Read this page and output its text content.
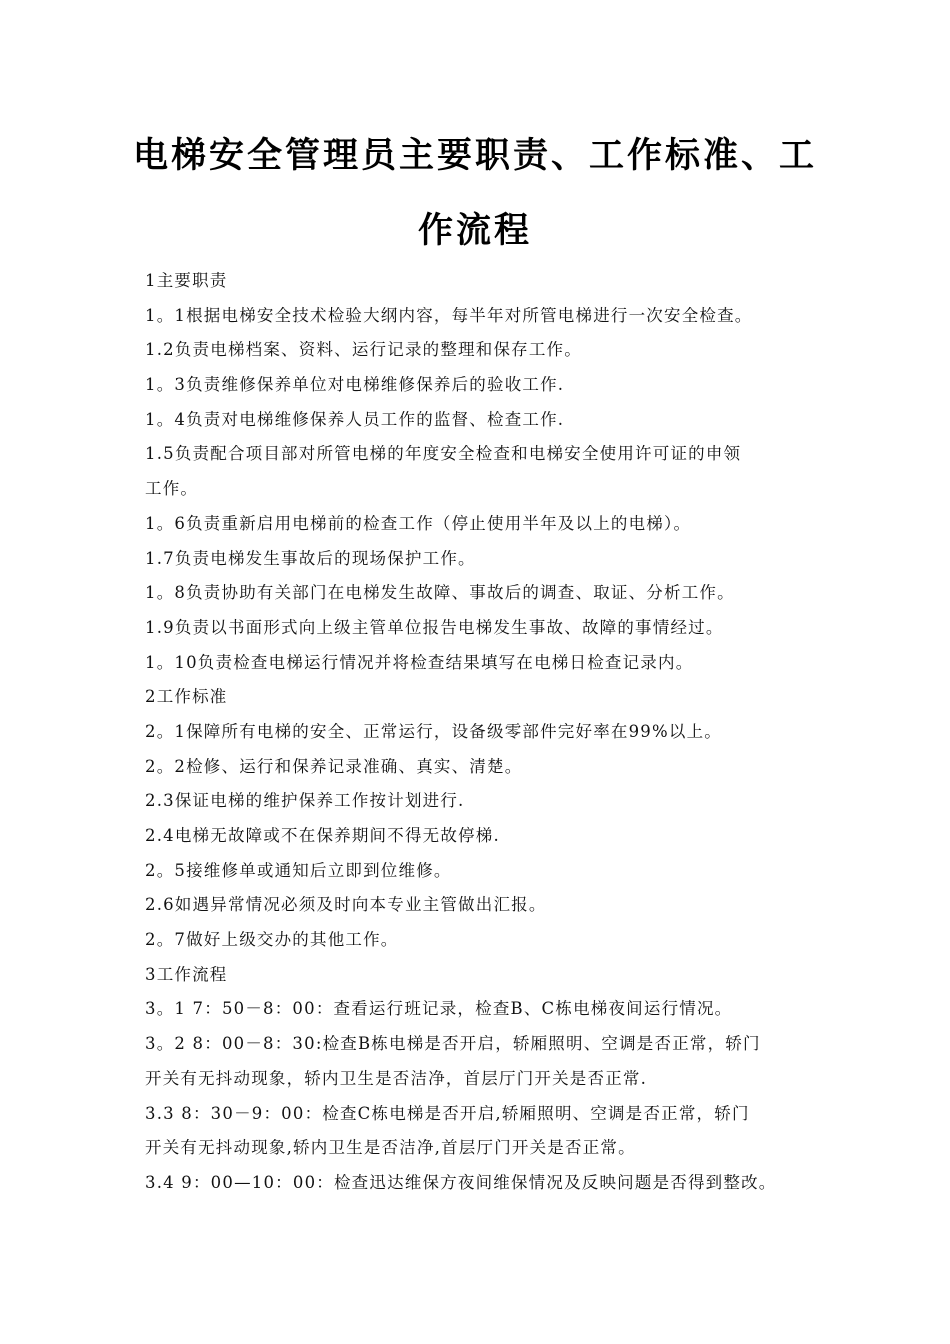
电梯安全管理员主要职责、工作标准、工
作流程
1主要职责
1。1根据电梯安全技术检验大纲内容，每半年对所管电梯进行一次安全检查。
1.2负责电梯档案、资料、运行记录的整理和保存工作。
1。3负责维修保养单位对电梯维修保养后的验收工作.
1。4负责对电梯维修保养人员工作的监督、检查工作.
1.5负责配合项目部对所管电梯的年度安全检查和电梯安全使用许可证的申领
工作。
1。6负责重新启用电梯前的检查工作（停止使用半年及以上的电梯）。
1.7负责电梯发生事故后的现场保护工作。
1。8负责协助有关部门在电梯发生故障、事故后的调查、取证、分析工作。
1.9负责以书面形式向上级主管单位报告电梯发生事故、故障的事情经过。
1。10负责检查电梯运行情况并将检查结果填写在电梯日检查记录内。
2工作标准
2。1保障所有电梯的安全、正常运行，设备级零部件完好率在99%以上。
2。2检修、运行和保养记录准确、真实、清楚。
2.3保证电梯的维护保养工作按计划进行.
2.4电梯无故障或不在保养期间不得无故停梯.
2。5接维修单或通知后立即到位维修。
2.6如遇异常情况必须及时向本专业主管做出汇报。
2。7做好上级交办的其他工作。
3工作流程
3。1 7：50－8：00：查看运行班记录，检查B、C栋电梯夜间运行情况。
3。2 8：00－8：30:检查B栋电梯是否开启，轿厢照明、空调是否正常，轿门
开关有无抖动现象，轿内卫生是否洁净，首层厅门开关是否正常.
3.3 8：30－9：00：检查C栋电梯是否开启,轿厢照明、空调是否正常，轿门
开关有无抖动现象,轿内卫生是否洁净,首层厅门开关是否正常。
3.4 9：00—10：00：检查迅达维保方夜间维保情况及反映问题是否得到整改。
